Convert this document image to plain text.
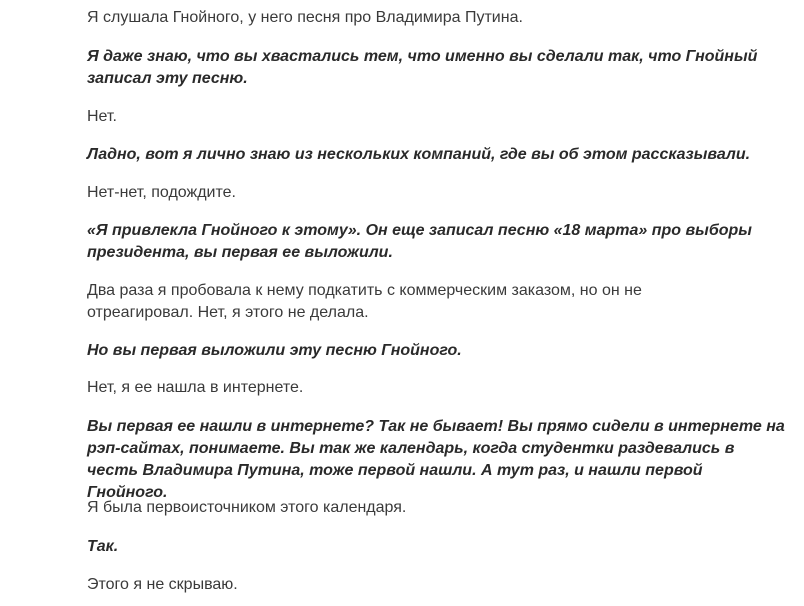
Я слушала Гнойного, у него песня про Владимира Путина.

Я даже знаю, что вы хвастались тем, что именно вы сделали так, что Гнойный
записал эту песню.

Нет.

Ладно, вот я лично знаю из нескольких компаний, где вы об этом рассказывали.

Нет-нет, подождите.

«Я привлекла Гнойного к этому». Он еще записал песню «18 марта» про выборы
президента, вы первая ее выложили.

Два раза я пробовала к нему подкатить с коммерческим заказом, но он не
отреагировал. Нет, я этого не делала.

Но вы первая выложили эту песню Гнойного.

Нет, я ее нашла в интернете.

Вы первая ее нашли в интернете? Так не бывает! Вы прямо сидели в интернете на
рэп-сайтах, понимаете. Вы так же календарь, когда студентки раздевались в
честь Владимира Путина, тоже первой нашли. А тут раз, и нашли первой Гнойного.

Я была первоисточником этого календаря.

Так.

Этого я не скрываю.
